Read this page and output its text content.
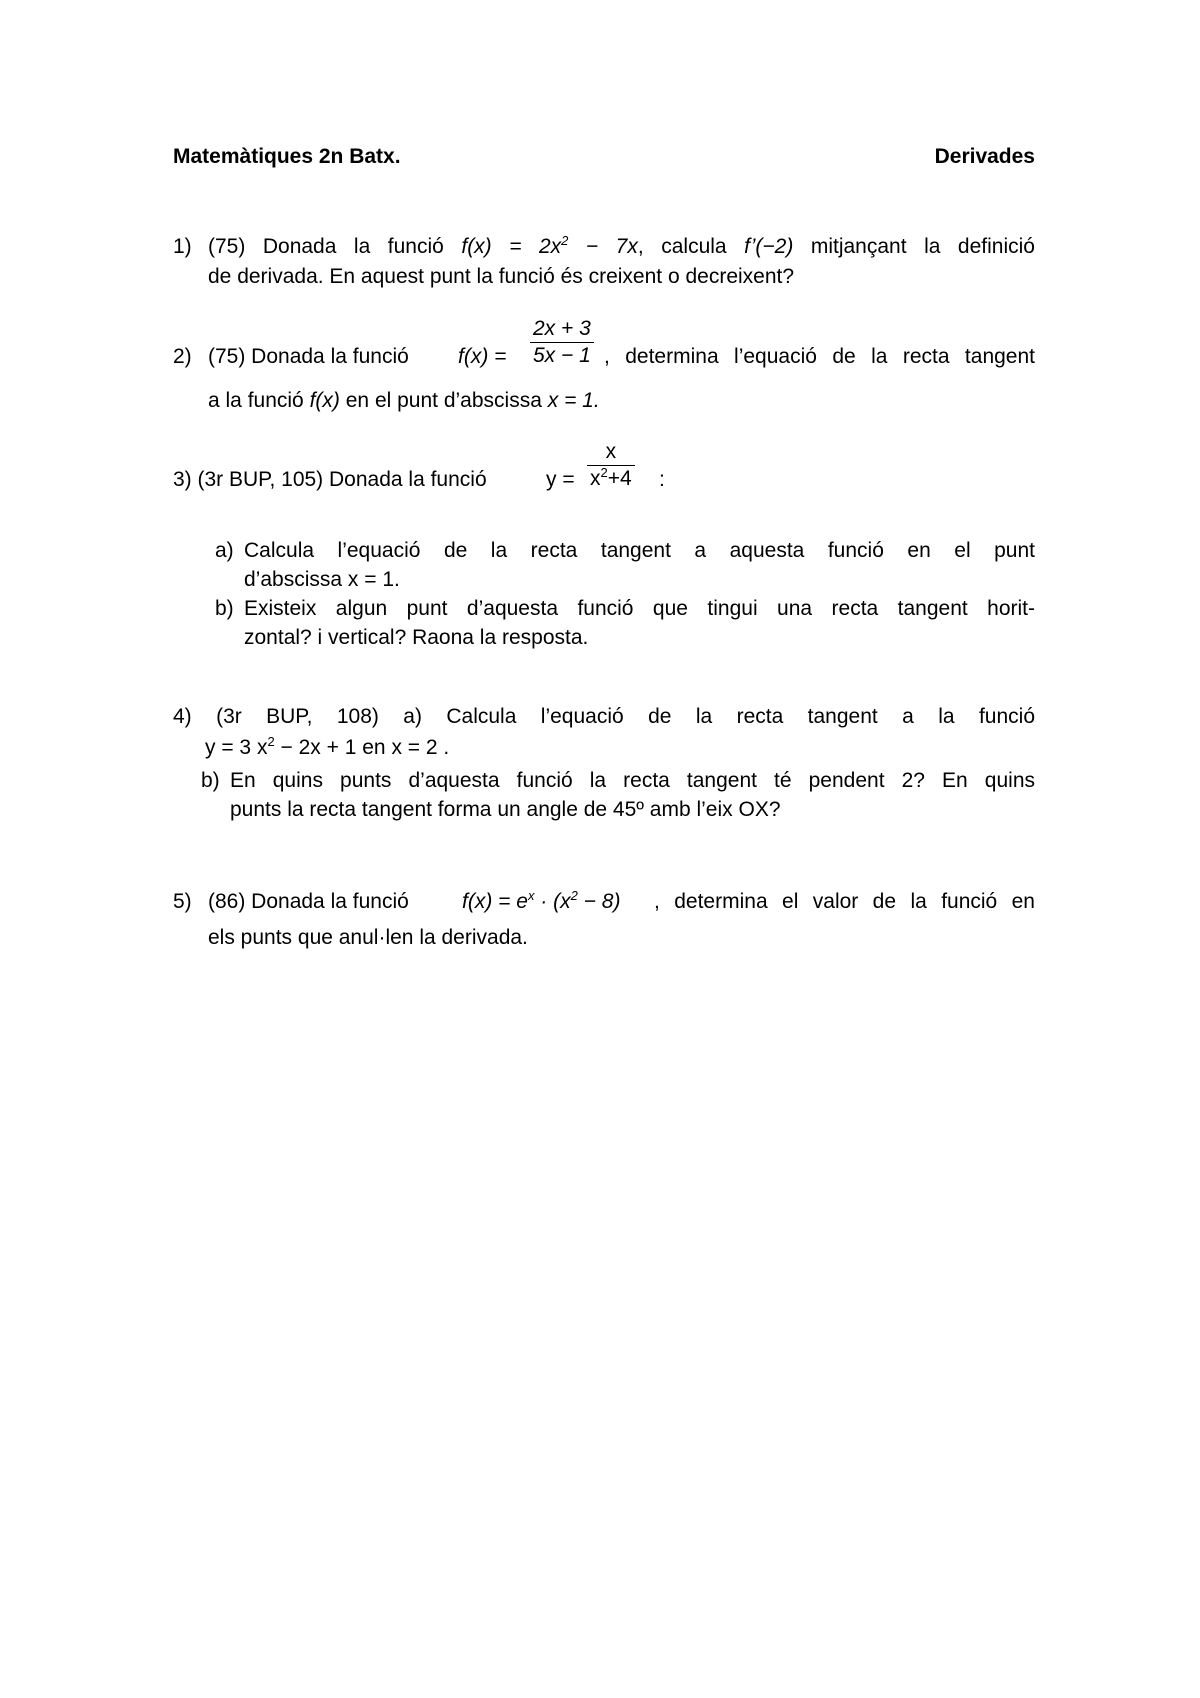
Matemàtiques 2n Batx.	Derivades
1) (75) Donada la funció $f(x) = 2x^2 - 7x$, calcula f’(−2) mitjançant la definició
de derivada. En aquest punt la funció és creixent o decreixent?
2) (75) Donada la funció $f(x) = \frac{2x + 3}{5x - 1}$ , determina l’equació de la recta tangent
a la funció f(x) en el punt d’abscissa x = 1.
3) (3r BUP, 105) Donada la funció	$y = \frac{x}{x^2+4}$ :
a) Calcula l’equació de la recta tangent a aquesta funció en el punt
d’abscissa x = 1.
b) Existeix algun punt d’aquesta funció que tingui una recta tangent horit-
zontal? i vertical? Raona la resposta.
4) (3r BUP, 108) a) Calcula l’equació de la recta tangent a la funció
y = 3 $x^2 - 2x + 1$ en x = 2 .
b) En quins punts d’aquesta funció la recta tangent té pendent 2? En quins
punts la recta tangent forma un angle de 45º amb l’eix OX?
5) (86) Donada la funció	$f(x) = e^x \cdot (x^2 - 8)$ , determina el valor de la funció en
els punts que anul·len la derivada.
